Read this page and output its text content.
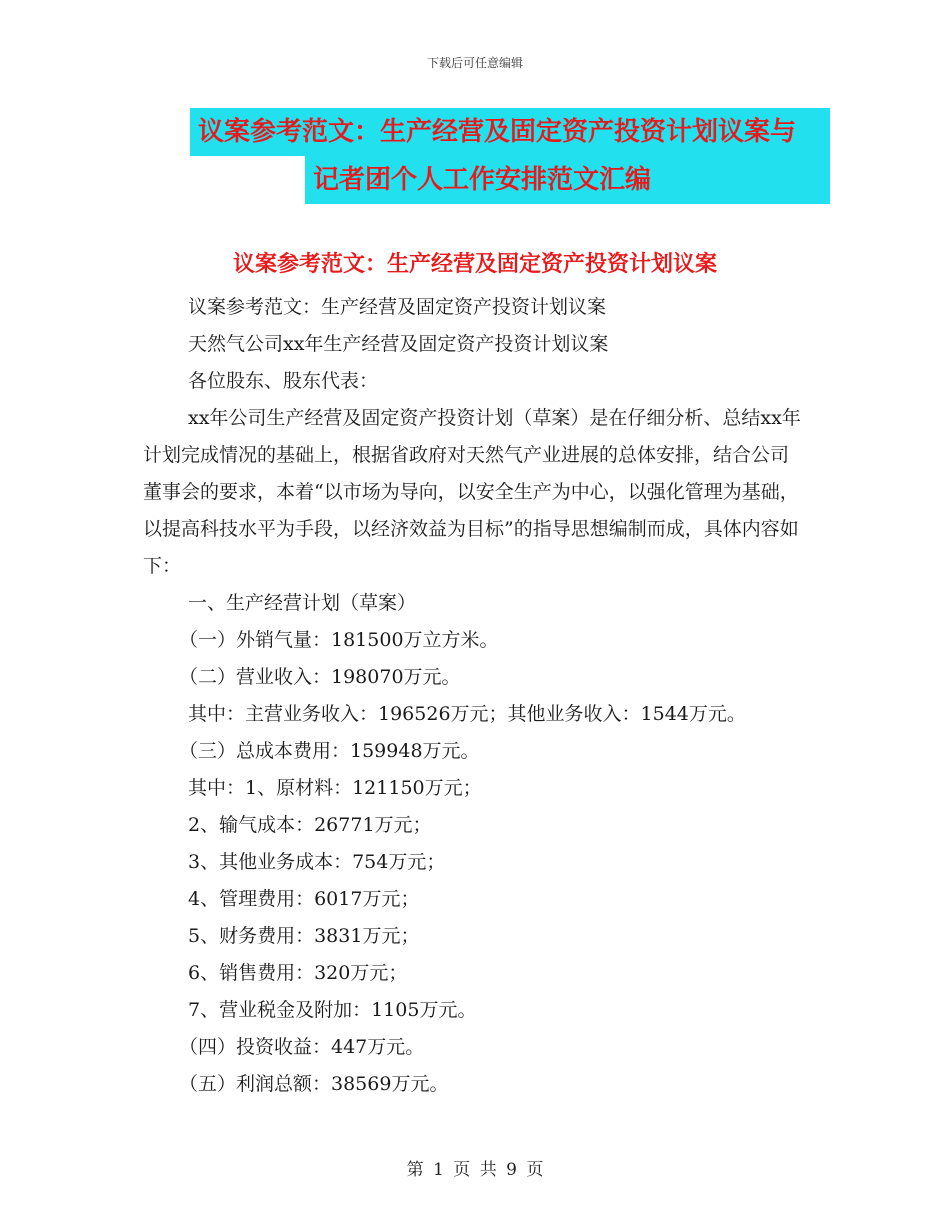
下载后可任意编辑
议案参考范文：生产经营及固定资产投资计划议案与
记者团个人工作安排范文汇编
议案参考范文：生产经营及固定资产投资计划议案

议案参考范文：生产经营及固定资产投资计划议案

天然气公司xx年生产经营及固定资产投资计划议案

各位股东、股东代表：

xx年公司生产经营及固定资产投资计划（草案）是在仔细分析、总结xx年计划完成情况的基础上，根据省政府对天然气产业进展的总体安排，结合公司董事会的要求，本着“以市场为导向，以安全生产为中心，以强化管理为基础，以提高科技水平为手段，以经济效益为目标”的指导思想编制而成，具体内容如下：

一、生产经营计划（草案）

（一）外销气量：181500万立方米。

（二）营业收入：198070万元。

其中：主营业务收入：196526万元；其他业务收入：1544万元。

（三）总成本费用：159948万元。

其中：1、原材料：121150万元；

2、输气成本：26771万元；

3、其他业务成本：754万元；

4、管理费用：6017万元；

5、财务费用：3831万元；

6、销售费用：320万元；

7、营业税金及附加：1105万元。

（四）投资收益：447万元。

（五）利润总额：38569万元。

第 1 页 共 9 页
